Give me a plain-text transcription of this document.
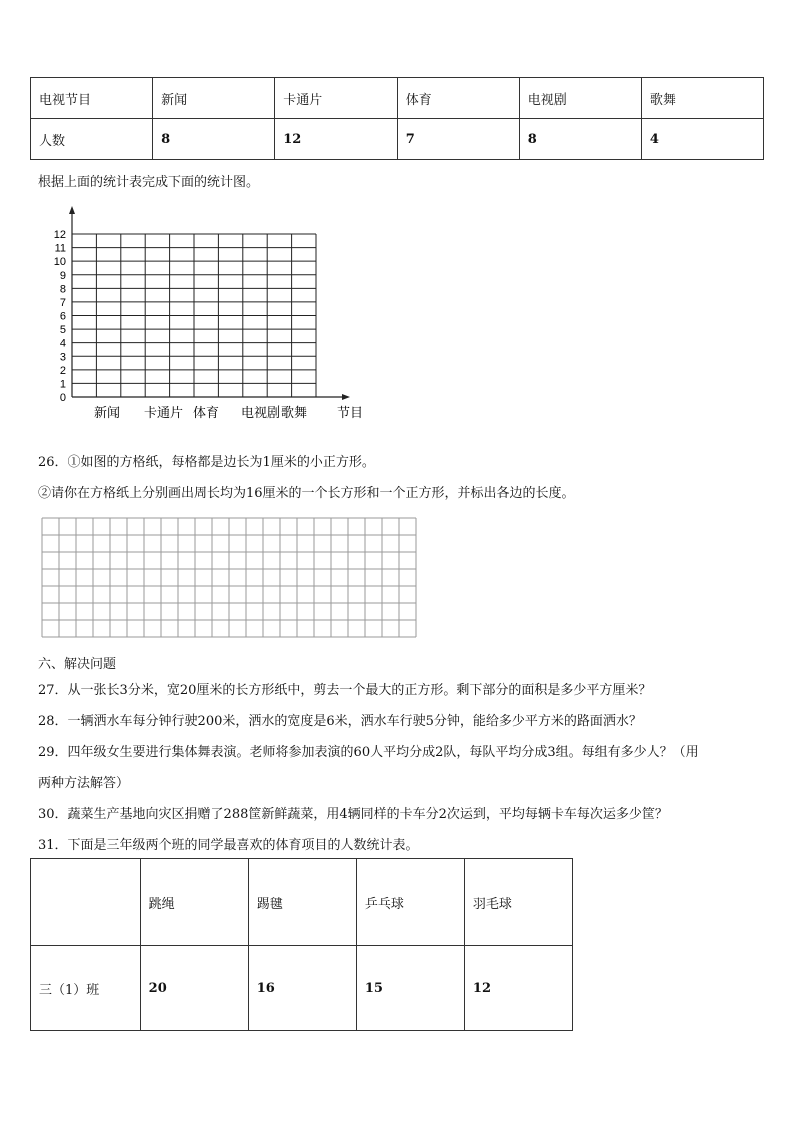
电视节目	新闻	卡通片	体育	电视剧	歌舞
人数	8	12	7	8	4
根据上面的统计表完成下面的统计图。
0
1
2
3
4
5
6
7
8
9
10
11
12
新闻 卡通片 体育 电视剧 歌舞 节目
26．①如图的方格纸，每格都是边长为1厘米的小正方形。
②请你在方格纸上分别画出周长均为16厘米的一个长方形和一个正方形，并标出各边的长度。
六、解决问题
27．从一张长3分米，宽20厘米的长方形纸中，剪去一个最大的正方形。剩下部分的面积是多少平方厘米？
28．一辆洒水车每分钟行驶200米，洒水的宽度是6米，洒水车行驶5分钟，能给多少平方米的路面洒水？
29．四年级女生要进行集体舞表演。老师将参加表演的60人平均分成2队，每队平均分成3组。每组有多少人？（用
两种方法解答）
30．蔬菜生产基地向灾区捐赠了288筐新鲜蔬菜，用4辆同样的卡车分2次运到，平均每辆卡车每次运多少筐？
31．下面是三年级两个班的同学最喜欢的体育项目的人数统计表。
	跳绳	踢毽	乒乓球	羽毛球
三（1）班	20	16	15	12
